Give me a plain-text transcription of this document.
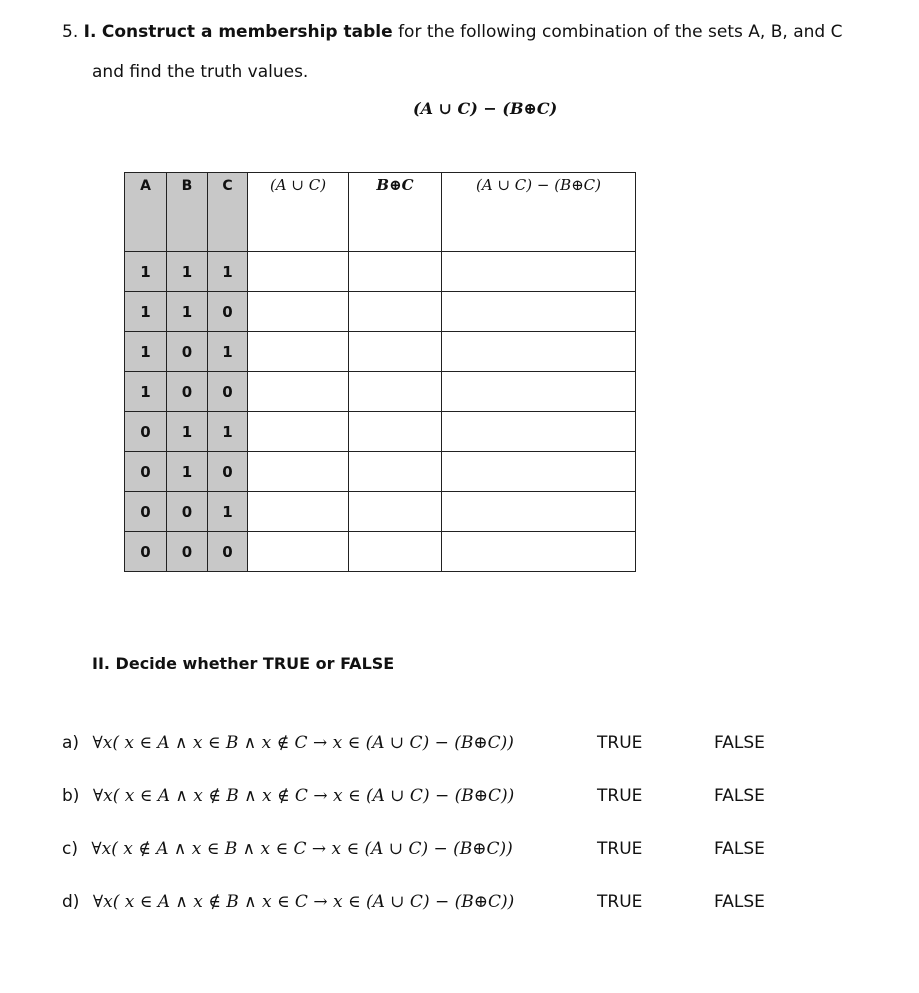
5. I. Construct a membership table for the following combination of the sets A, B, and C
and find the truth values.
(A ∪ C) − (B⊕C)
A	B	C	(A ∪ C)	B⊕C	(A ∪ C) − (B⊕C)
1	1	1			
1	1	0			
1	0	1			
1	0	0			
0	1	1			
0	1	0			
0	0	1			
0	0	0			
II. Decide whether TRUE or FALSE
a) ∀x( x ∈ A ∧ x ∈ B ∧ x ∉ C → x ∈ (A ∪ C) − (B⊕C))	TRUE	FALSE
b) ∀x( x ∈ A ∧ x ∉ B ∧ x ∉ C → x ∈ (A ∪ C) − (B⊕C))	TRUE	FALSE
c) ∀x( x ∉ A ∧ x ∈ B ∧ x ∈ C → x ∈ (A ∪ C) − (B⊕C))	TRUE	FALSE
d) ∀x( x ∈ A ∧ x ∉ B ∧ x ∈ C → x ∈ (A ∪ C) − (B⊕C))	TRUE	FALSE
